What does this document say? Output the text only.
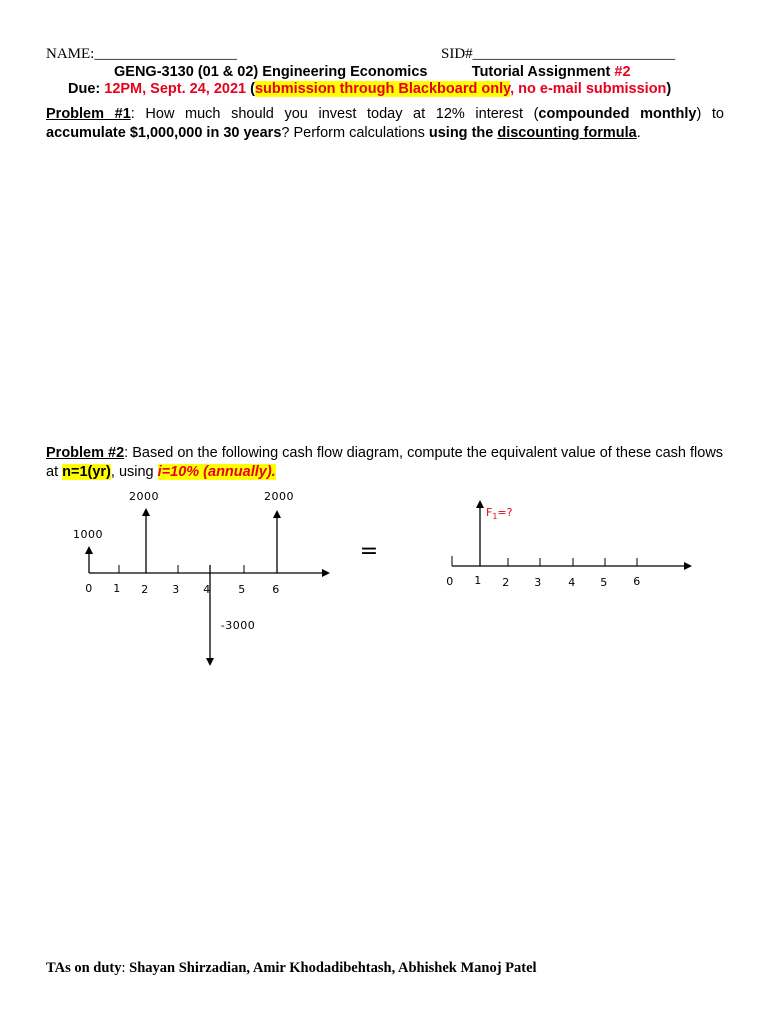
NAME:___________________	SID#___________________________
GENG-3130 (01 & 02) Engineering Economics	Tutorial Assignment #2
Due: 12PM, Sept. 24, 2021 (submission through Blackboard only, no e-mail submission)
Problem #1: How much should you invest today at 12% interest (compounded monthly) to
accumulate $1,000,000 in 30 years? Perform calculations using the discounting formula.
Problem #2: Based on the following cash flow diagram, compute the equivalent value of these cash flows at n=1(yr), using i=10% (annually).
0 1 2 3 4	5 6
1000
2000
-3000
2000
=
0 1 2 3 4 5 6
$F_1=$?
TAs on duty: Shayan Shirzadian, Amir Khodadibehtash, Abhishek Manoj Patel
